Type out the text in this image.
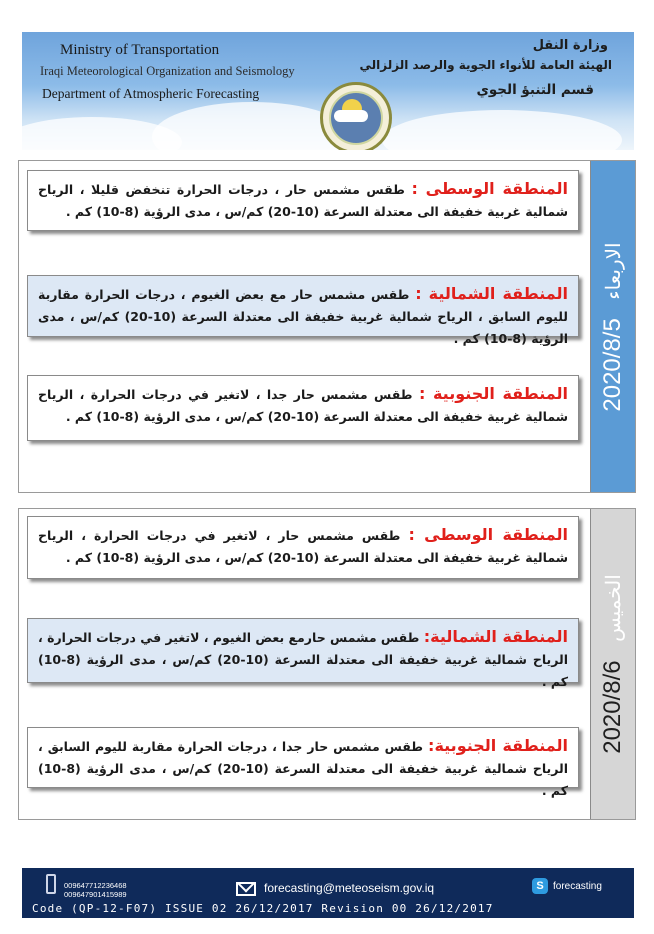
Ministry of Transportation
Iraqi Meteorological Organization and Seismology
Department of Atmospheric Forecasting
وزارة النقل
الهيئة العامة للأنواء الجوية والرصد الزلزالي
قسم التنبؤ الجوي

المنطقة الوسطى : طقس مشمس حار ، درجات الحرارة تنخفض قليلا ، الرياح شمالية غربية خفيفة الى معتدلة السرعة (10-20) كم/س ، مدى الرؤية (8-10) كم .

المنطقة الشمالية : طقس مشمس حار مع بعض الغيوم ، درجات الحرارة مقاربة لليوم السابق ، الرياح شمالية غربية خفيفة الى معتدلة السرعة (10-20) كم/س ، مدى الرؤية (8-10) كم .

المنطقة الجنوبية : طقس مشمس حار جدا ، لاتغير في درجات الحرارة ، الرياح شمالية غربية خفيفة الى معتدلة السرعة (10-20) كم/س ، مدى الرؤية (8-10) كم .

2020/8/5 الاربعاء

المنطقة الوسطى : طقس مشمس حار ، لاتغير في درجات الحرارة ، الرياح شمالية غربية خفيفة الى معتدلة السرعة (10-20) كم/س ، مدى الرؤية (8-10) كم .

المنطقة الشمالية: طقس مشمس حارمع بعض الغيوم ، لاتغير في درجات الحرارة ، الرياح شمالية غربية خفيفة الى معتدلة السرعة (10-20) كم/س ، مدى الرؤية (8-10) كم .

المنطقة الجنوبية: طقس مشمس حار جدا ، درجات الحرارة مقاربة لليوم السابق ، الرياح شمالية غربية خفيفة الى معتدلة السرعة (10-20) كم/س ، مدى الرؤية (8-10) كم .

2020/8/6 الخميس
009647712236468
009647901415989	forecasting@meteoseism.gov.iq	S forecasting
Code (QP-12-F07) ISSUE 02 26/12/2017 Revision 00 26/12/2017
